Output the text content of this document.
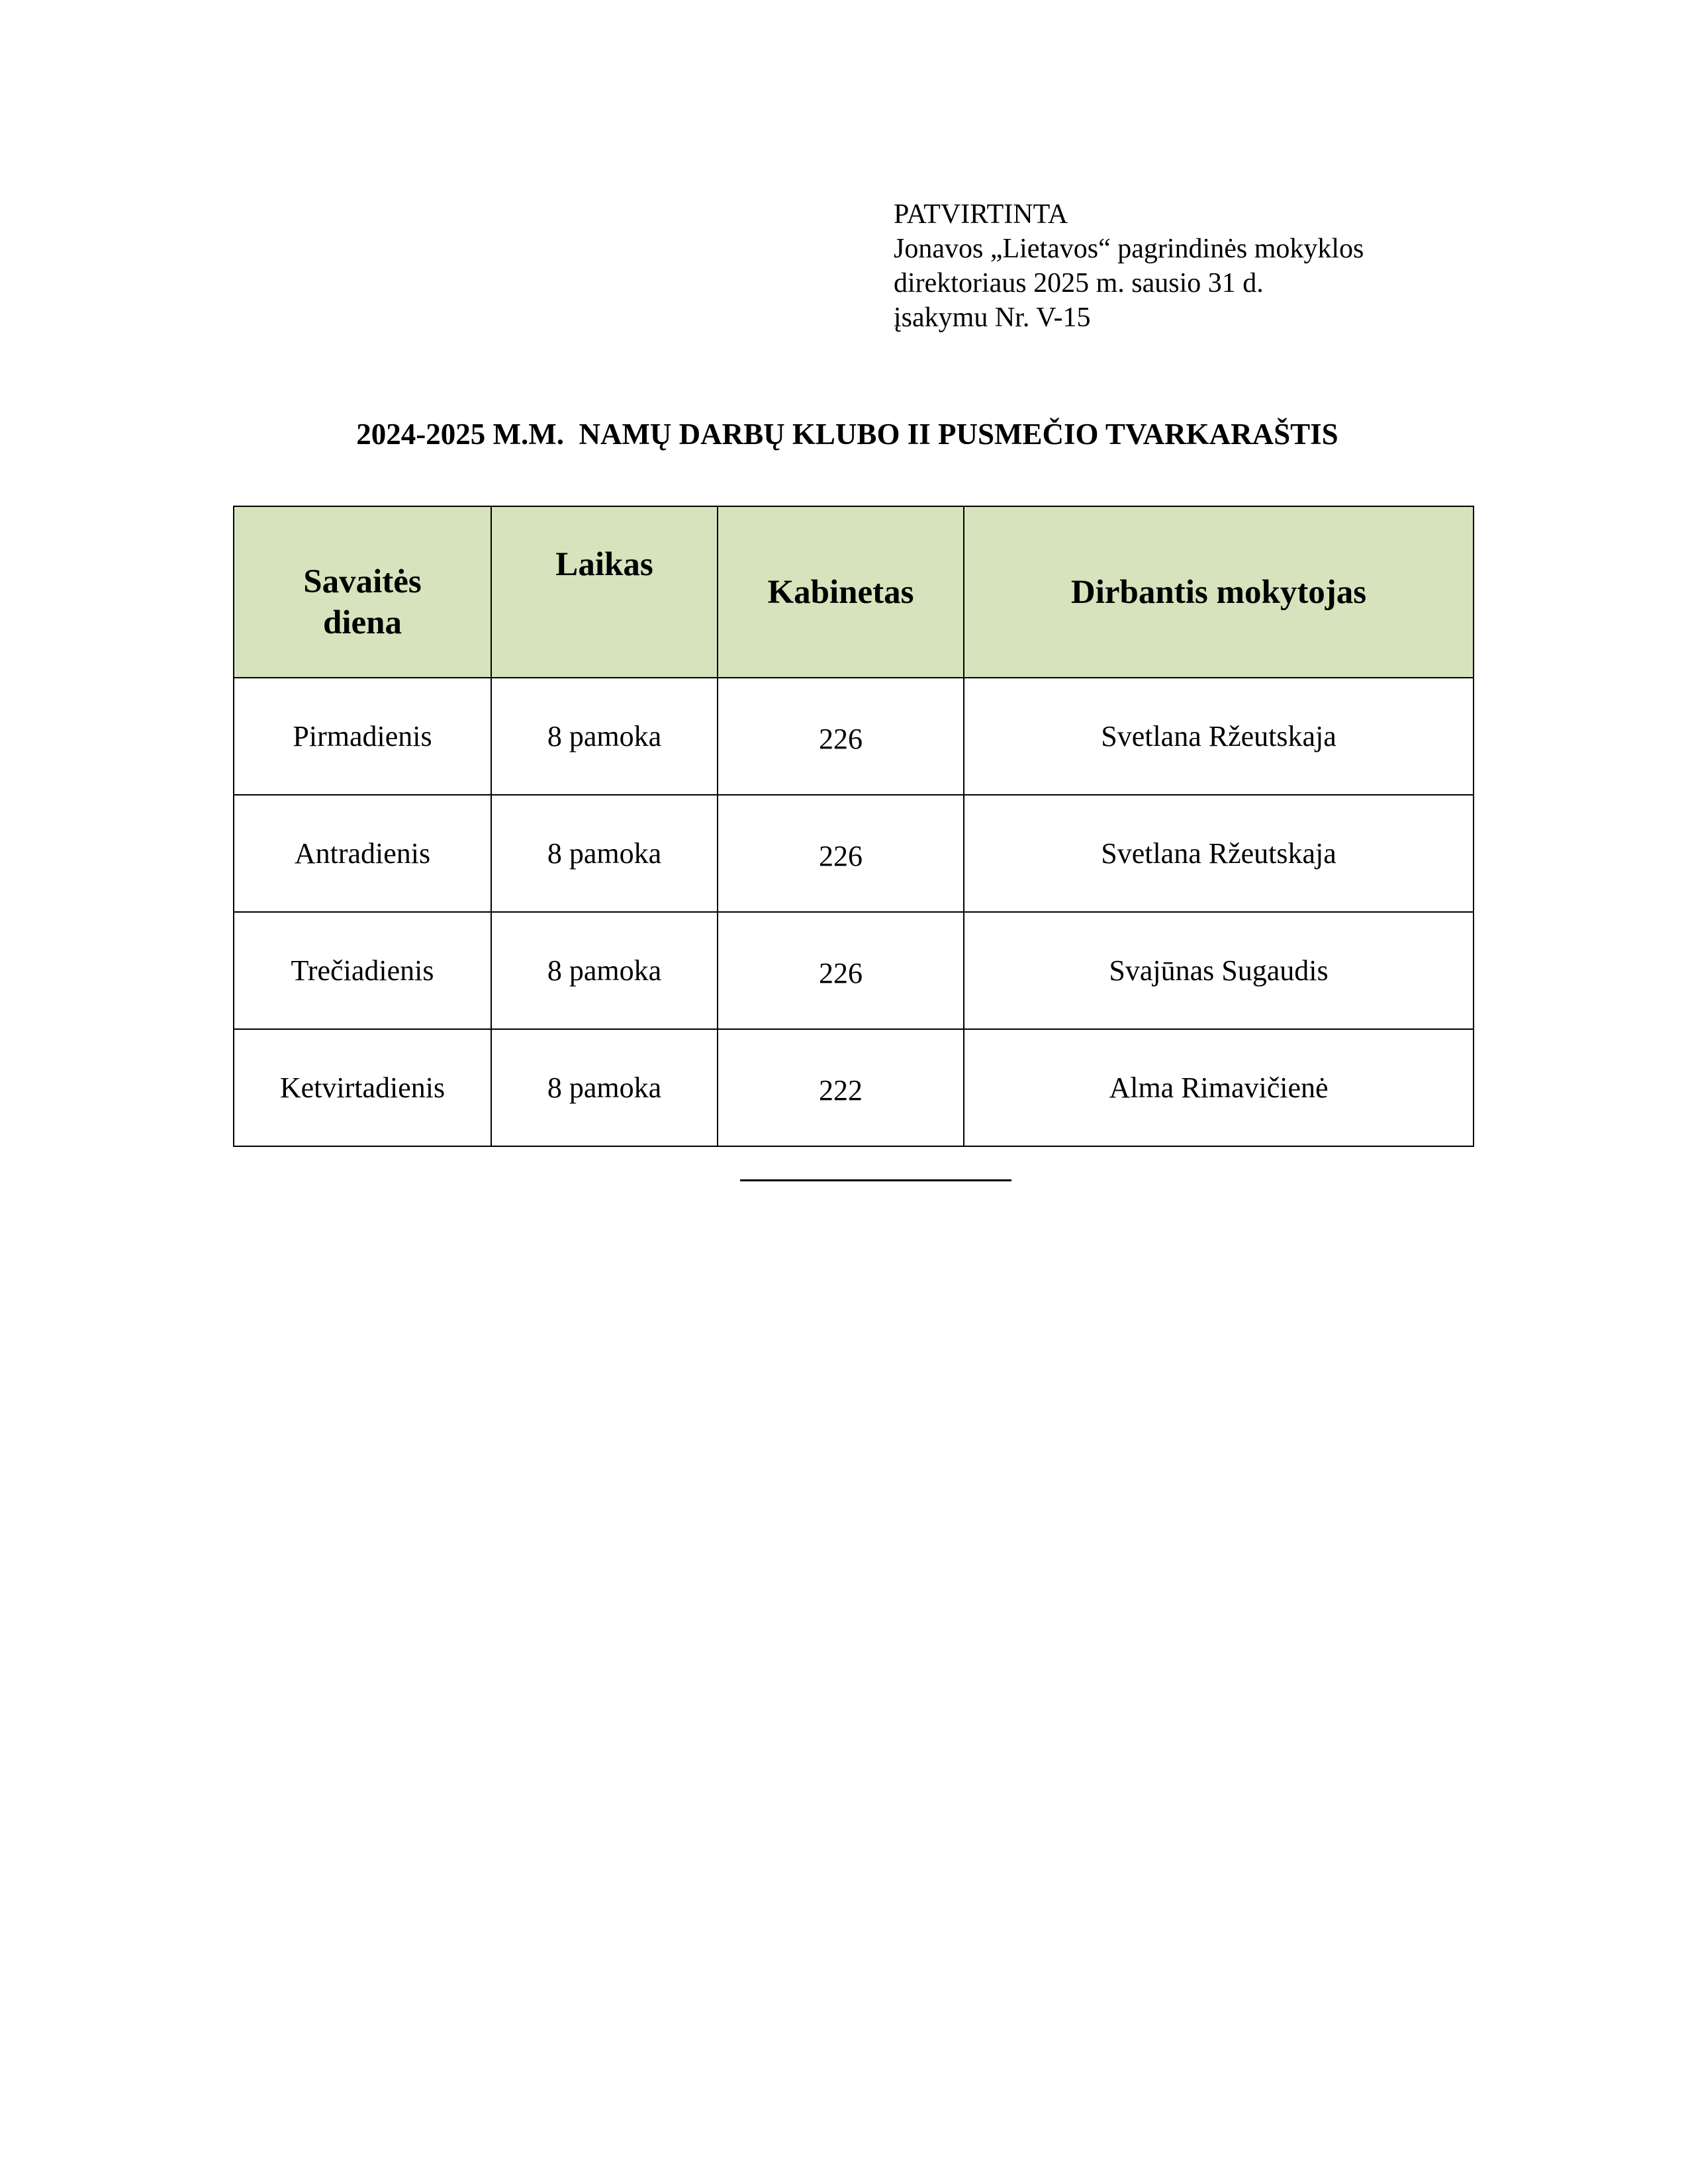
PATVIRTINTA
Jonavos „Lietavos“ pagrindinės mokyklos
direktoriaus 2025 m. sausio 31 d.
įsakymu Nr. V-15
2024-2025 M.M.  NAMŲ DARBŲ KLUBO II PUSMEČIO TVARKARAŠTIS
Savaitės
diena	Laikas	Kabinetas	Dirbantis mokytojas
Pirmadienis	8 pamoka	226	Svetlana Ržeutskaja
Antradienis	8 pamoka	226	Svetlana Ržeutskaja
Trečiadienis	8 pamoka	226	Svajūnas Sugaudis
Ketvirtadienis	8 pamoka	222	Alma Rimavičienė
